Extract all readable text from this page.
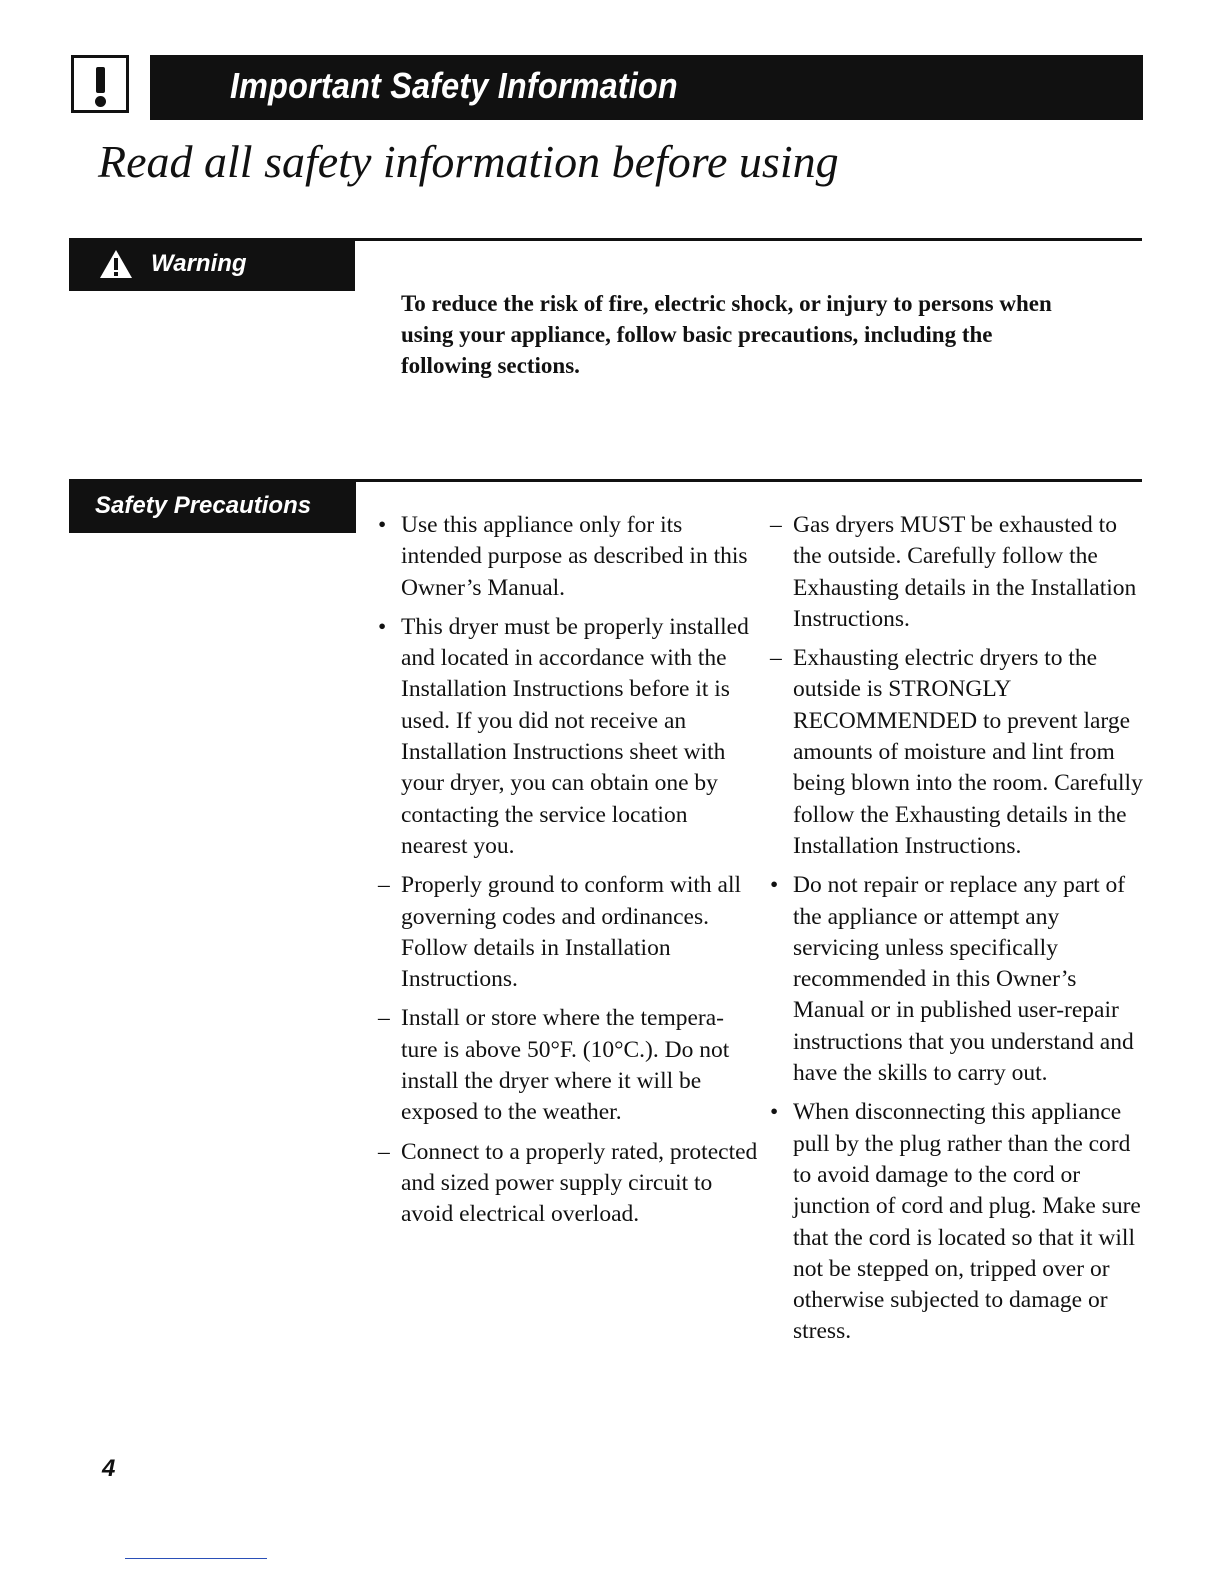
Important Safety Information
Read all safety information before using
Warning
To reduce the risk of fire, electric shock, or injury to persons when using your appliance, follow basic precautions, including the following sections.
Safety Precautions
• Use this appliance only for its intended purpose as described in this Owner’s Manual.
• This dryer must be properly installed and located in accordance with the Installation Instructions before it is used. If you did not receive an Installation Instructions sheet with your dryer, you can obtain one by contacting the service location nearest you.
– Properly ground to conform with all governing codes and ordinances. Follow details in Installation Instructions.
– Install or store where the tempera-ture is above 50°F. (10°C.). Do not install the dryer where it will be exposed to the weather.
– Connect to a properly rated, protected and sized power supply circuit to avoid electrical overload.
– Gas dryers MUST be exhausted to the outside. Carefully follow the Exhausting details in the Installation Instructions.
– Exhausting electric dryers to the outside is STRONGLY RECOMMENDED to prevent large amounts of moisture and lint from being blown into the room. Carefully follow the Exhausting details in the Installation Instructions.
• Do not repair or replace any part of the appliance or attempt any servicing unless specifically recommended in this Owner’s Manual or in published user-repair instructions that you understand and have the skills to carry out.
• When disconnecting this appliance pull by the plug rather than the cord to avoid damage to the cord or junction of cord and plug. Make sure that the cord is located so that it will not be stepped on, tripped over or otherwise subjected to damage or stress.
4
